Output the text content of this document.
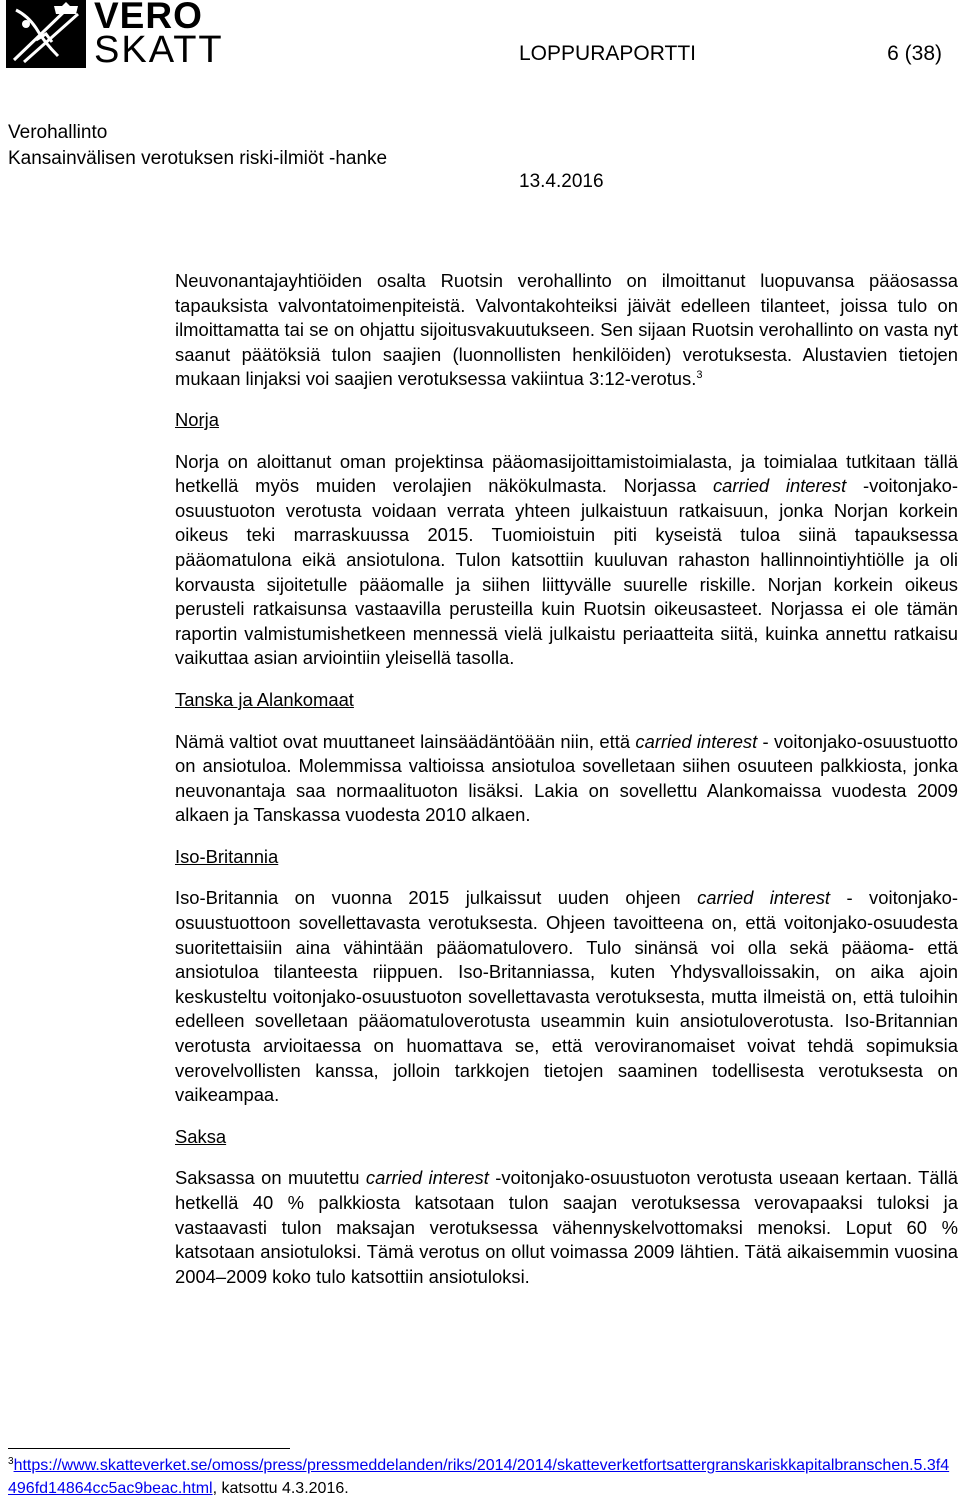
VERO
SKATT	LOPPURAPORTTI	6 (38)
Verohallinto
Kansainvälisen verotuksen riski-ilmiöt -hanke
13.4.2016

Neuvonantajayhtiöiden osalta Ruotsin verohallinto on ilmoittanut luopuvansa pääosassa tapauksista valvontatoimenpiteistä. Valvontakohteiksi jäivät edelleen tilanteet, joissa tulo on ilmoittamatta tai se on ohjattu sijoitusvakuutukseen. Sen sijaan Ruotsin verohallinto on vasta nyt saanut päätöksiä tulon saajien (luonnollisten henkilöiden) verotuksesta. Alustavien tietojen mukaan linjaksi voi saajien verotuksessa vakiintua 3:12-verotus.$^3$

Norja

Norja on aloittanut oman projektinsa pääomasijoittamistoimialasta, ja toimialaa tutkitaan tällä hetkellä myös muiden verolajien näkökulmasta. Norjassa carried interest -voitonjako-osuustuoton verotusta voidaan verrata yhteen julkaistuun ratkaisuun, jonka Norjan korkein oikeus teki marraskuussa 2015. Tuomioistuin piti kyseistä tuloa siinä tapauksessa pääomatulona eikä ansiotulona. Tulon katsottiin kuuluvan rahaston hallinnointiyhtiölle ja oli korvausta sijoitetulle pääomalle ja siihen liittyvälle suurelle riskille. Norjan korkein oikeus perusteli ratkaisunsa vastaavilla perusteilla kuin Ruotsin oikeusasteet. Norjassa ei ole tämän raportin valmistumishetkeen mennessä vielä julkaistu periaatteita siitä, kuinka annettu ratkaisu vaikuttaa asian arviointiin yleisellä tasolla.

Tanska ja Alankomaat

Nämä valtiot ovat muuttaneet lainsäädäntöään niin, että carried interest - voitonjako-osuustuotto on ansiotuloa. Molemmissa valtioissa ansiotuloa sovelletaan siihen osuuteen palkkiosta, jonka neuvonantaja saa normaalituoton lisäksi. Lakia on sovellettu Alankomaissa vuodesta 2009 alkaen ja Tanskassa vuodesta 2010 alkaen.

Iso-Britannia

Iso-Britannia on vuonna 2015 julkaissut uuden ohjeen carried interest - voitonjako-osuustuottoon sovellettavasta verotuksesta. Ohjeen tavoitteena on, että voitonjako-osuudesta suoritettaisiin aina vähintään pääomatulovero. Tulo sinänsä voi olla sekä pääoma- että ansiotuloa tilanteesta riippuen. Iso-Britanniassa, kuten Yhdysvalloissakin, on aika ajoin keskusteltu voitonjako-osuustuoton sovellettavasta verotuksesta, mutta ilmeistä on, että tuloihin edelleen sovelletaan pääomatuloverotusta useammin kuin ansiotuloverotusta. Iso-Britannian verotusta arvioitaessa on huomattava se, että veroviranomaiset voivat tehdä sopimuksia verovelvollisten kanssa, jolloin tarkkojen tietojen saaminen todellisesta verotuksesta on vaikeampaa.

Saksa

Saksassa on muutettu carried interest -voitonjako-osuustuoton verotusta useaan kertaan. Tällä hetkellä 40 % palkkiosta katsotaan tulon saajan verotuksessa verovapaaksi tuloksi ja vastaavasti tulon maksajan verotuksessa vähennyskelvottomaksi menoksi. Loput 60 % katsotaan ansiotuloksi. Tämä verotus on ollut voimassa 2009 lähtien. Tätä aikaisemmin vuosina 2004–2009 koko tulo katsottiin ansiotuloksi.

$^3$https://www.skatteverket.se/omoss/press/pressmeddelanden/riks/2014/2014/skatteverketfortsattergranskariskkapitalbranschen.5.3f4496fd14864cc5ac9beac.html, katsottu 4.3.2016.
